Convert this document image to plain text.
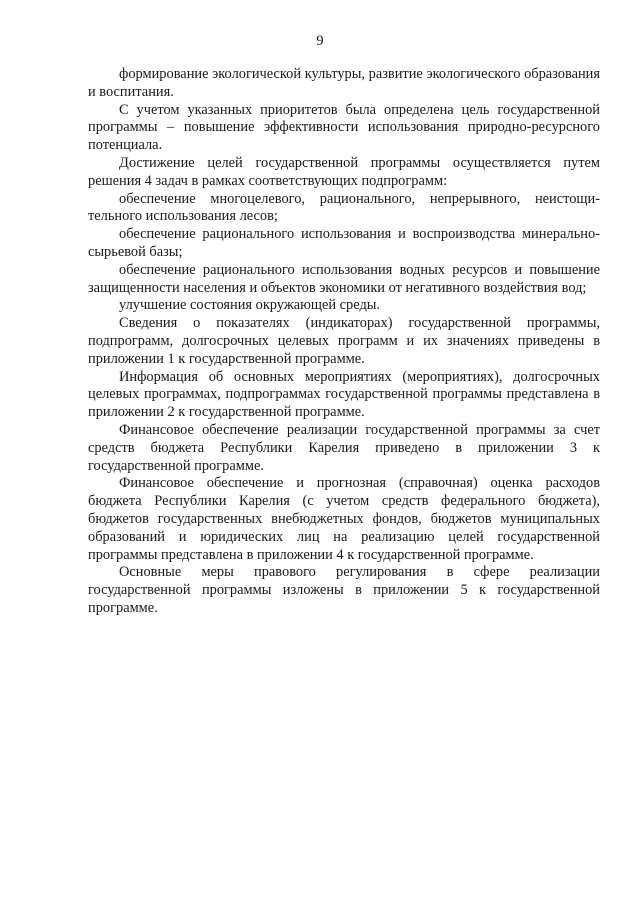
9

формирование экологической культуры, развитие экологического образования и воспитания.

С учетом указанных приоритетов была определена цель государственной программы – повышение эффективности использования природно-ресурсного потенциала.

Достижение целей государственной программы осуществляется путем решения 4 задач в рамках соответствующих подпрограмм:

обеспечение многоцелевого, рационального, непрерывного, неистощительного использования лесов;

обеспечение рационального использования и воспроизводства минерально-сырьевой базы;

обеспечение рационального использования водных ресурсов и повышение защищенности населения и объектов экономики от негативного воздействия вод;

улучшение состояния окружающей среды.

Сведения о показателях (индикаторах) государственной программы, подпрограмм, долгосрочных целевых программ и их значениях приведены в приложении 1 к государственной программе.

Информация об основных мероприятиях (мероприятиях), долгосрочных целевых программах, подпрограммах государственной программы представлена в приложении 2 к государственной программе.

Финансовое обеспечение реализации государственной программы за счет средств бюджета Республики Карелия приведено в приложении 3 к государственной программе.

Финансовое обеспечение и прогнозная (справочная) оценка расходов бюджета Республики Карелия (с учетом средств федерального бюджета), бюджетов государственных внебюджетных фондов, бюджетов муниципальных образований и юридических лиц на реализацию целей государственной программы представлена в приложении 4 к государственной программе.

Основные меры правового регулирования в сфере реализации государственной программы изложены в приложении 5 к государственной программе.
